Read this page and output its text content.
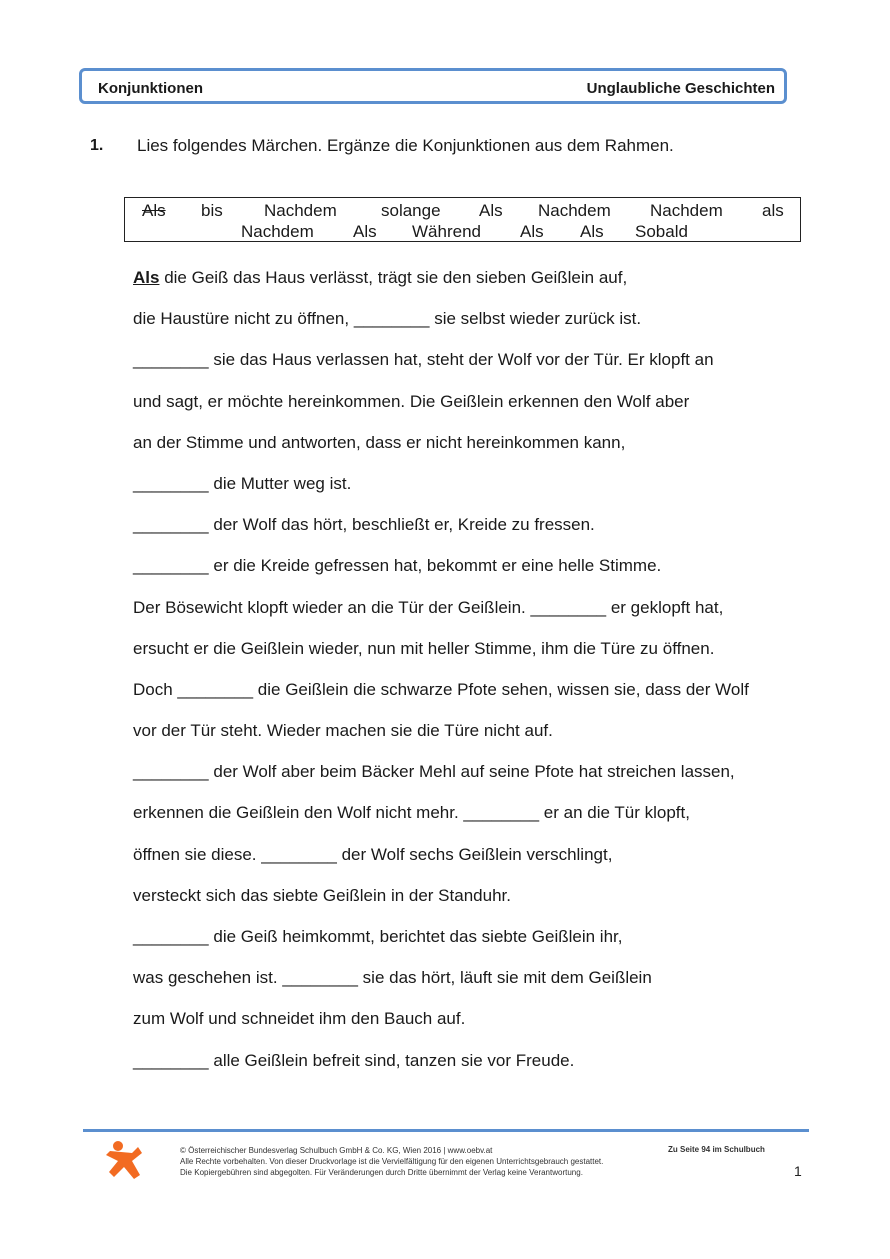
Konjunktionen	Unglaubliche Geschichten
1. Lies folgendes Märchen. Ergänze die Konjunktionen aus dem Rahmen.
Als bis Nachdem	solange Als Nachdem Nachdem als
Nachdem Als Während Als Als Sobald
Als die Geiß das Haus verlässt, trägt sie den sieben Geißlein auf,
die Haustüre nicht zu öffnen, ________ sie selbst wieder zurück ist.
________ sie das Haus verlassen hat, steht der Wolf vor der Tür. Er klopft an
und sagt, er möchte hereinkommen. Die Geißlein erkennen den Wolf aber
an der Stimme und antworten, dass er nicht hereinkommen kann,
________ die Mutter weg ist.
________ der Wolf das hört, beschließt er, Kreide zu fressen.
________ er die Kreide gefressen hat, bekommt er eine helle Stimme.
Der Bösewicht klopft wieder an die Tür der Geißlein. ________ er geklopft hat,
ersucht er die Geißlein wieder, nun mit heller Stimme, ihm die Türe zu öffnen.
Doch ________ die Geißlein die schwarze Pfote sehen, wissen sie, dass der Wolf
vor der Tür steht. Wieder machen sie die Türe nicht auf.
________ der Wolf aber beim Bäcker Mehl auf seine Pfote hat streichen lassen,
erkennen die Geißlein den Wolf nicht mehr. ________ er an die Tür klopft,
öffnen sie diese. ________ der Wolf sechs Geißlein verschlingt,
versteckt sich das siebte Geißlein in der Standuhr.
________ die Geiß heimkommt, berichtet das siebte Geißlein ihr,
was geschehen ist. ________ sie das hört, läuft sie mit dem Geißlein
zum Wolf und schneidet ihm den Bauch auf.
________ alle Geißlein befreit sind, tanzen sie vor Freude.
© Österreichischer Bundesverlag Schulbuch GmbH & Co. KG, Wien 2016 | www.oebv.at
Alle Rechte vorbehalten. Von dieser Druckvorlage ist die Vervielfältigung für den eigenen Unterrichtsgebrauch gestattet.
Die Kopiergebühren sind abgegolten. Für Veränderungen durch Dritte übernimmt der Verlag keine Verantwortung.
Zu Seite 94 im Schulbuch
1
